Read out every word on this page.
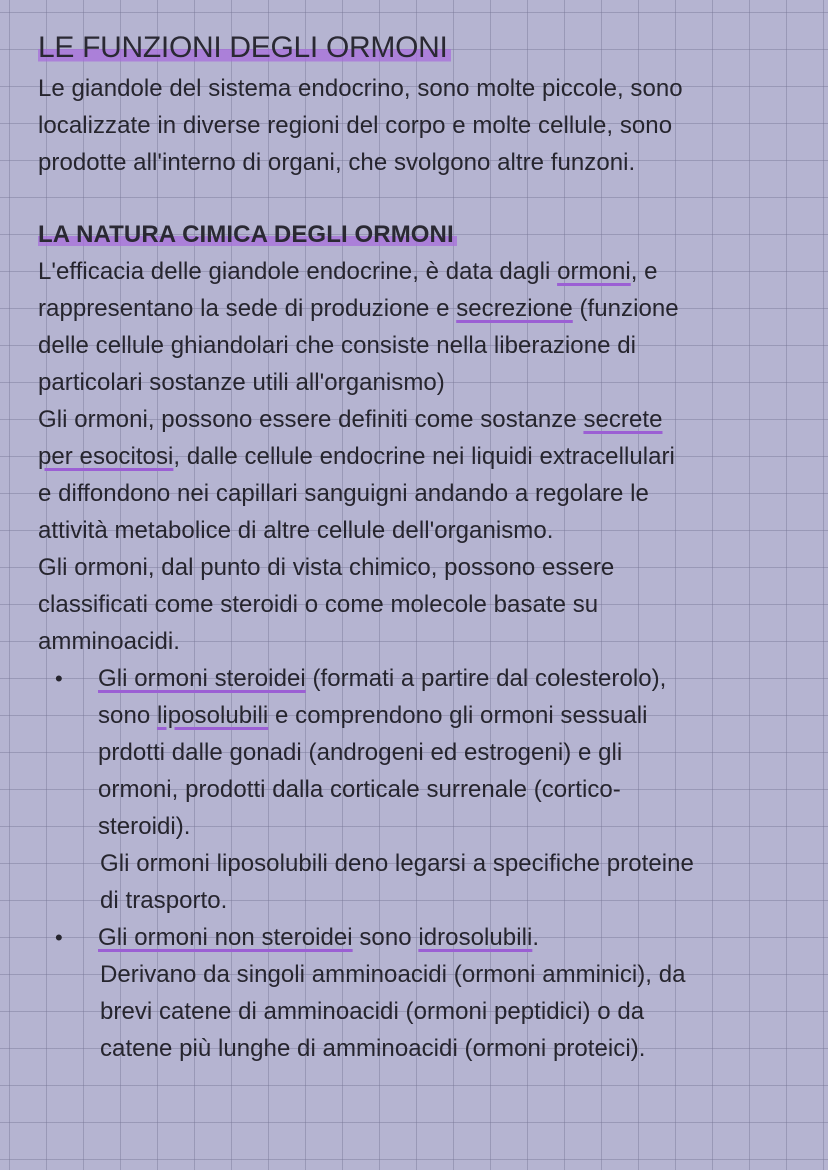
LE FUNZIONI DEGLI ORMONI

Le giandole del sistema endocrino, sono molte piccole, sono

localizzate in diverse regioni del corpo e molte cellule, sono

prodotte all'interno di organi, che svolgono altre funzoni.

LA NATURA CIMICA DEGLI ORMONI

L'efficacia delle giandole endocrine, è data dagli ormoni, e

rappresentano la sede di produzione e secrezione (funzione

delle cellule ghiandolari che consiste nella liberazione di

particolari sostanze utili all'organismo)

Gli ormoni, possono essere definiti come sostanze secrete

per esocitosi, dalle cellule endocrine nei liquidi extracellulari

e diffondono nei capillari sanguigni andando a regolare le

attività metabolice di altre cellule dell'organismo.

Gli ormoni, dal punto di vista chimico, possono essere

classificati come steroidi o come molecole basate su

amminoacidi.

• Gli ormoni steroidei (formati a partire dal colesterolo),

sono liposolubili e comprendono gli ormoni sessuali

prdotti dalle gonadi (androgeni ed estrogeni) e gli

ormoni, prodotti dalla corticale surrenale (cortico-

steroidi).

Gli ormoni liposolubili deno legarsi a specifiche proteine

di trasporto.

• Gli ormoni non steroidei sono idrosolubili.

Derivano da singoli amminoacidi (ormoni amminici), da

brevi catene di amminoacidi (ormoni peptidici) o da

catene più lunghe di amminoacidi (ormoni proteici).
